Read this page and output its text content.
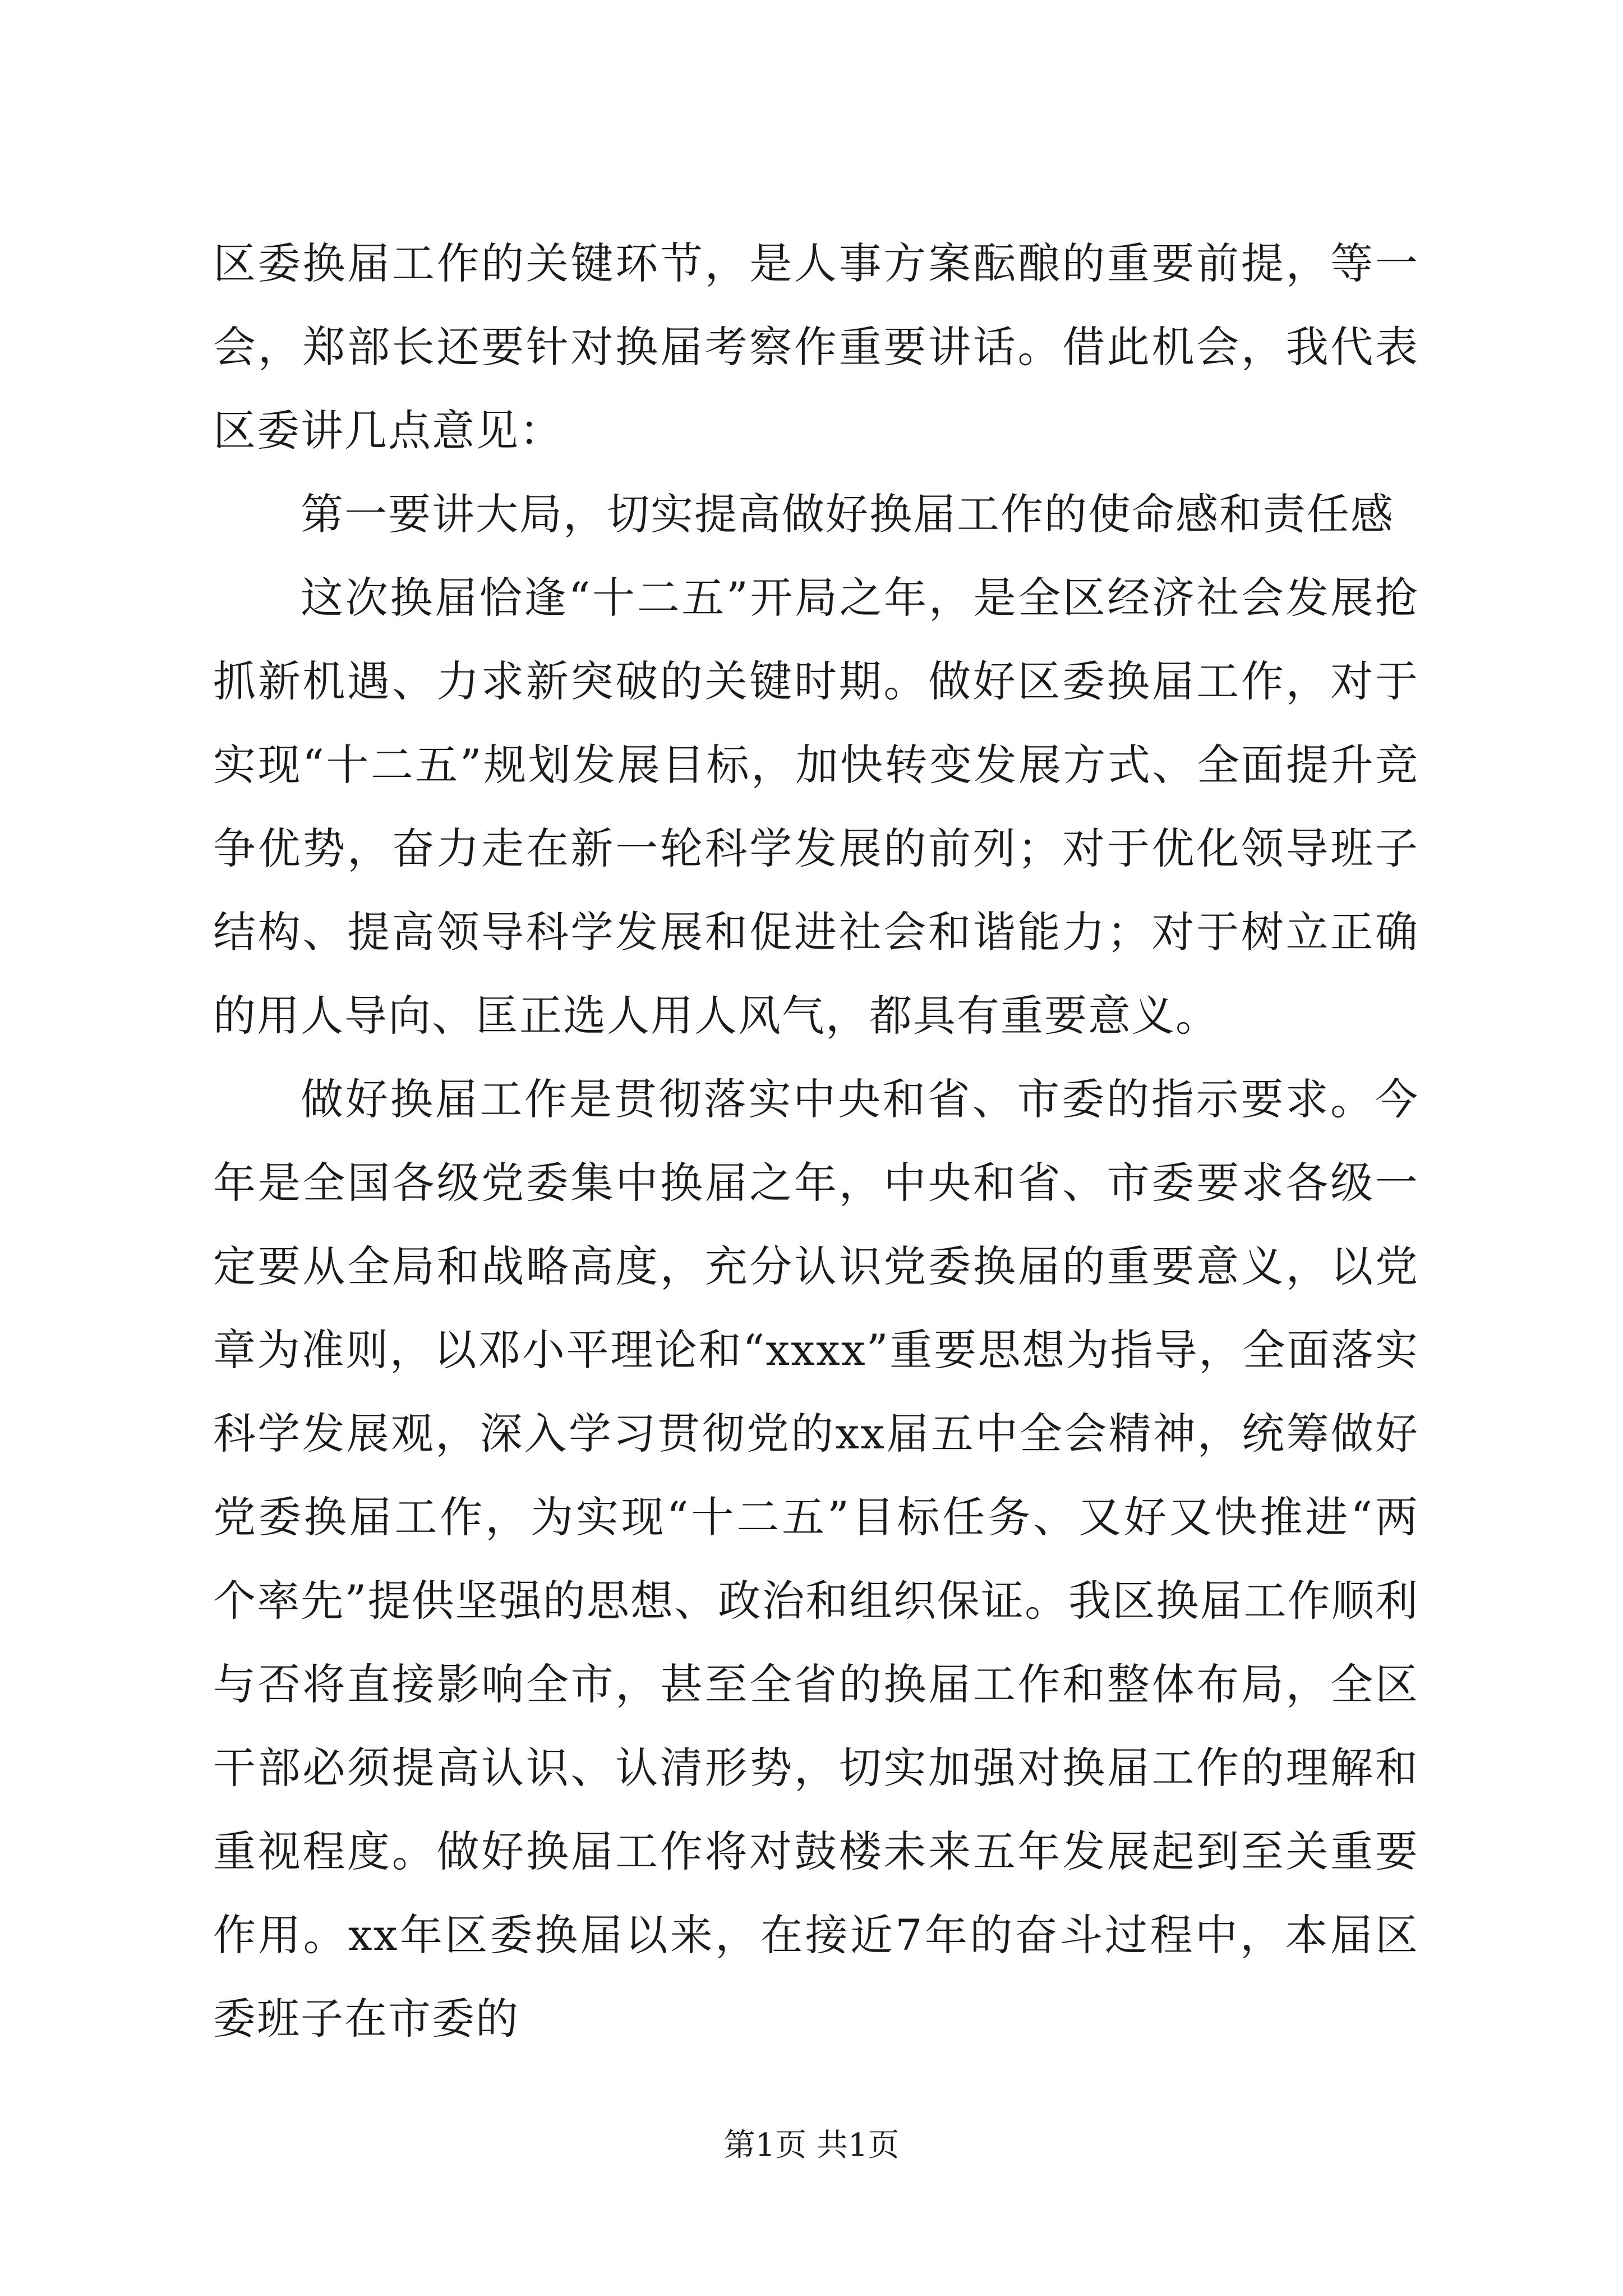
区委换届工作的关键环节，是人事方案酝酿的重要前提，等一会，郑部长还要针对换届考察作重要讲话。借此机会，我代表区委讲几点意见：

第一要讲大局，切实提高做好换届工作的使命感和责任感

这次换届恰逢“十二五”开局之年，是全区经济社会发展抢抓新机遇、力求新突破的关键时期。做好区委换届工作，对于实现“十二五”规划发展目标，加快转变发展方式、全面提升竞争优势，奋力走在新一轮科学发展的前列；对于优化领导班子结构、提高领导科学发展和促进社会和谐能力；对于树立正确的用人导向、匡正选人用人风气，都具有重要意义。

做好换届工作是贯彻落实中央和省、市委的指示要求。今年是全国各级党委集中换届之年，中央和省、市委要求各级一定要从全局和战略高度，充分认识党委换届的重要意义，以党章为准则，以邓小平理论和“xxxx”重要思想为指导，全面落实科学发展观，深入学习贯彻党的xx届五中全会精神，统筹做好党委换届工作，为实现“十二五”目标任务、又好又快推进“两个率先”提供坚强的思想、政治和组织保证。我区换届工作顺利与否将直接影响全市，甚至全省的换届工作和整体布局，全区干部必须提高认识、认清形势，切实加强对换届工作的理解和重视程度。做好换届工作将对鼓楼未来五年发展起到至关重要作用。xx年区委换届以来，在接近7年的奋斗过程中，本届区委班子在市委的

第1页 共1页
